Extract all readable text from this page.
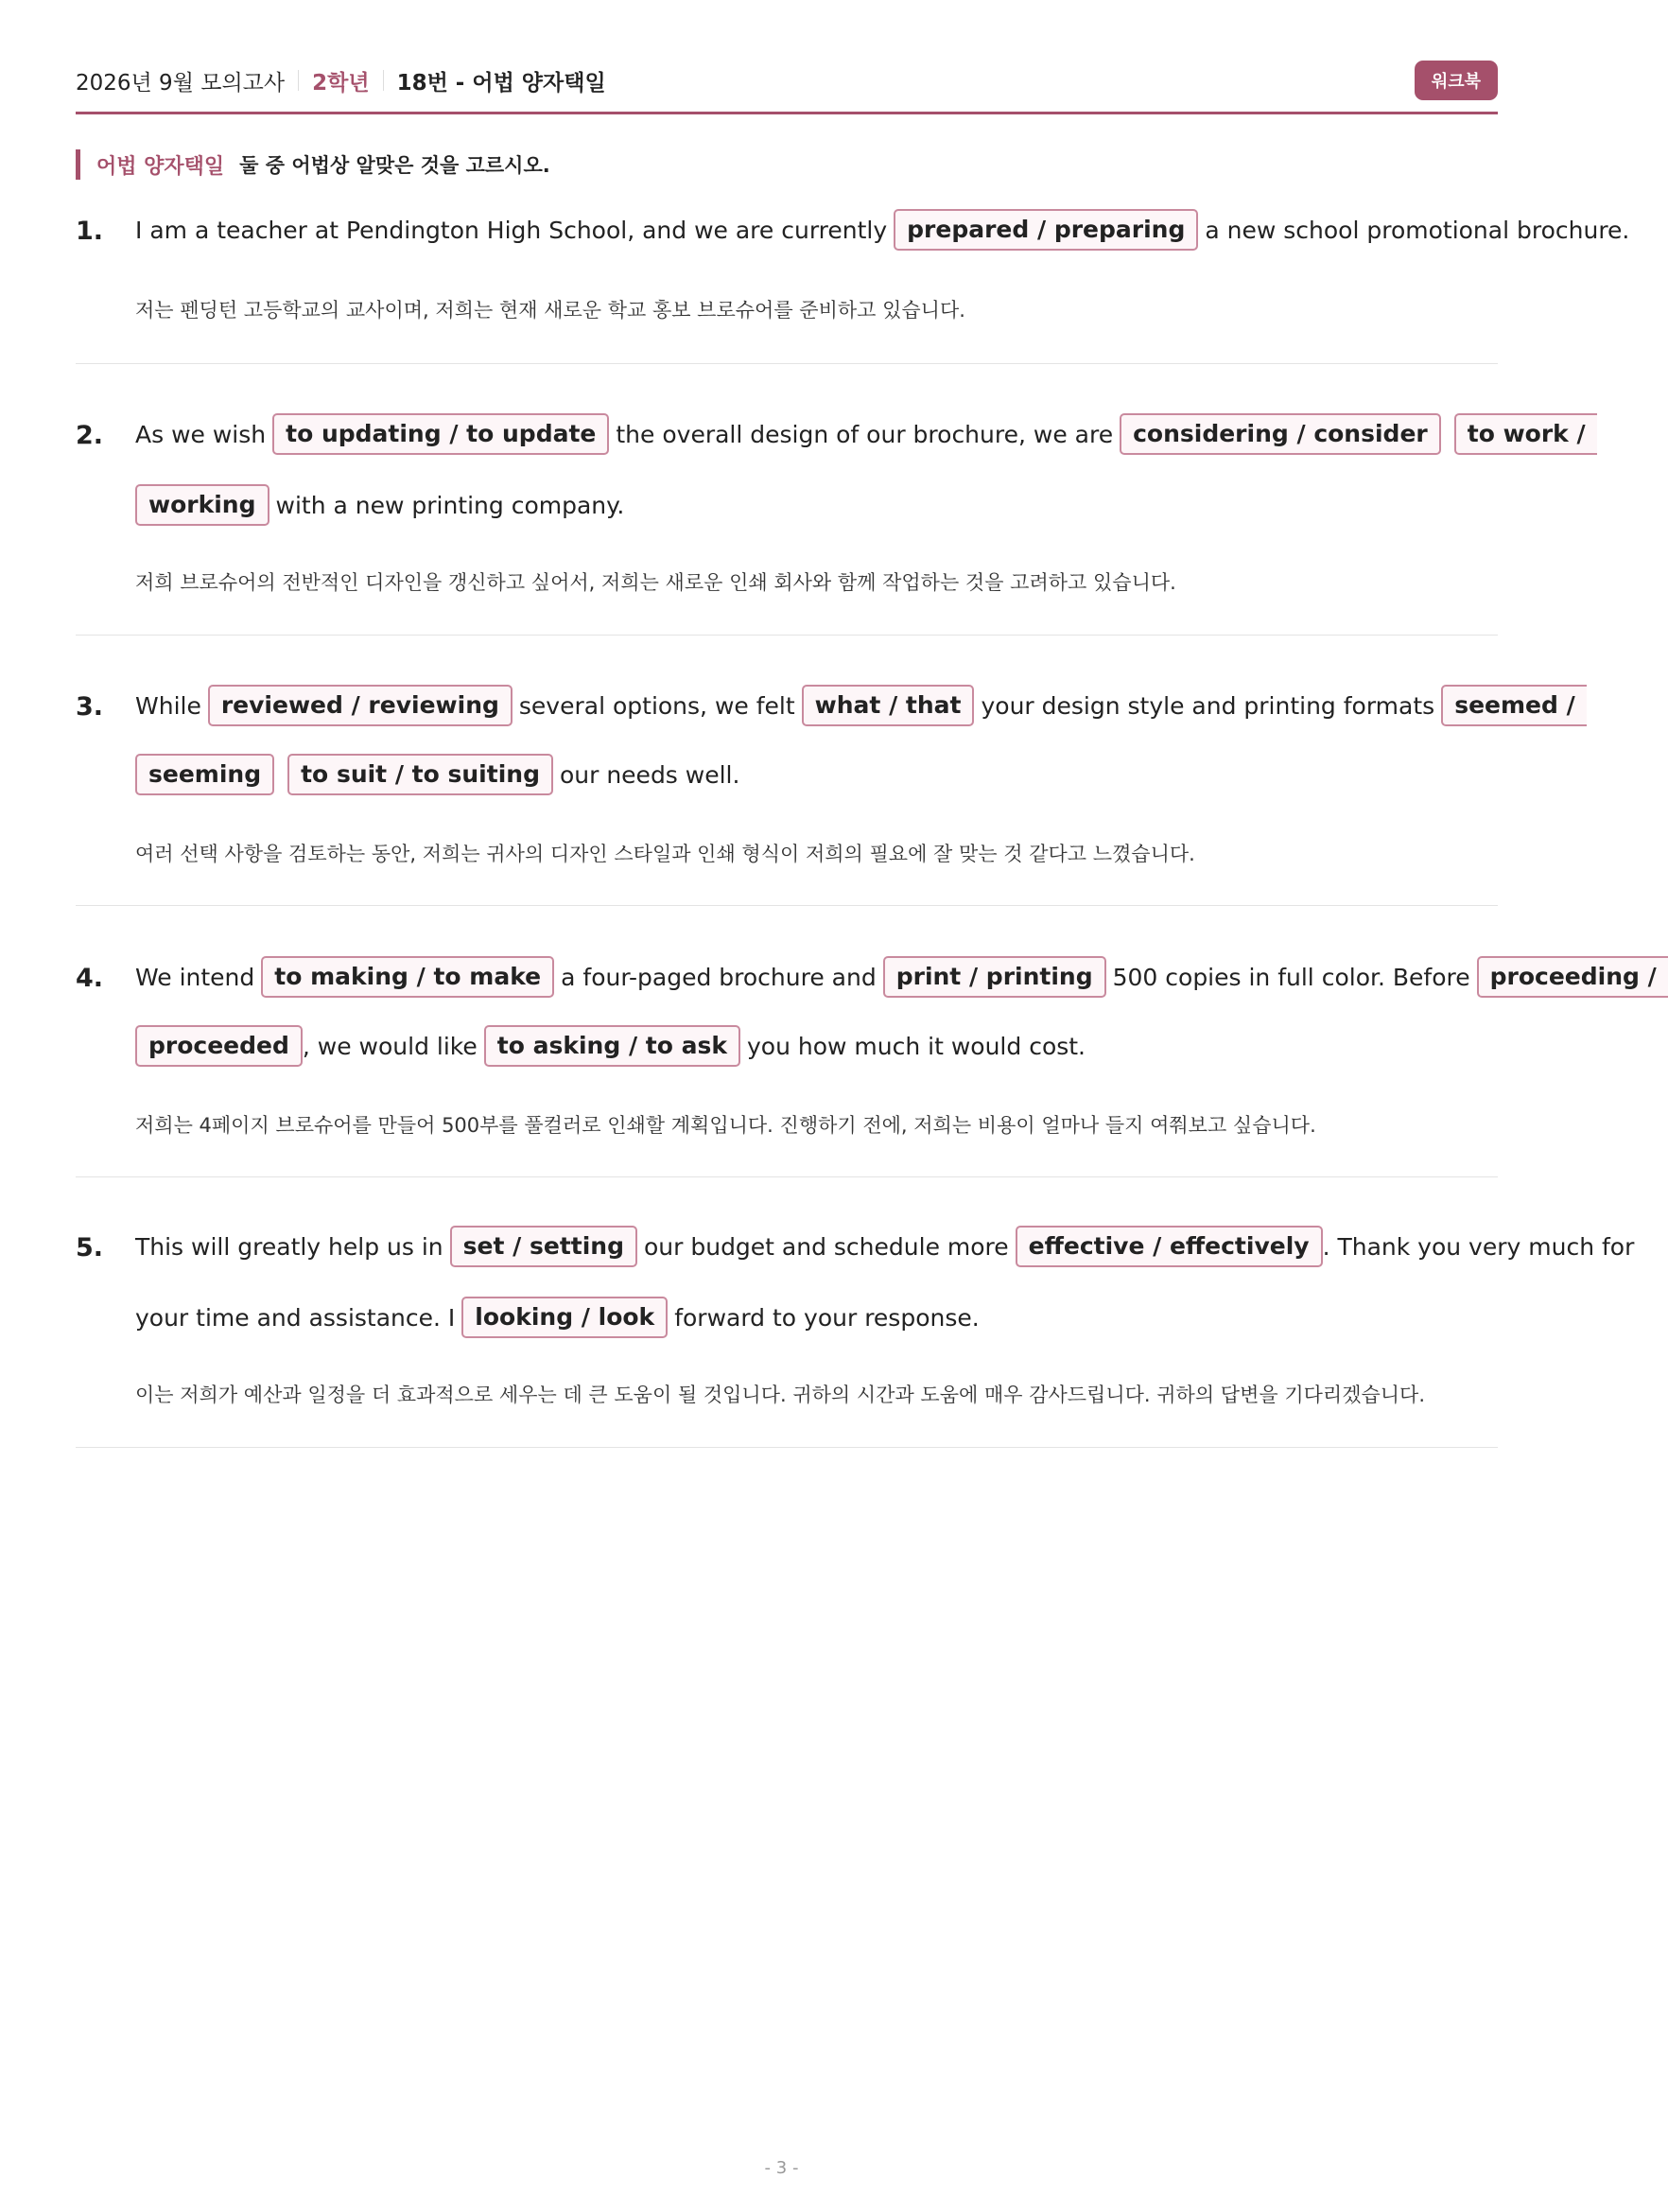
2026년 9월 모의고사 2학년 18번 - 어법 양자택일	워크북
어법 양자택일 둘 중 어법상 알맞은 것을 고르시오.
1. I am a teacher at Pendington High School, and we are currently prepared / preparing a new school promotional brochure.
저는 펜딩턴 고등학교의 교사이며, 저희는 현재 새로운 학교 홍보 브로슈어를 준비하고 있습니다.
2. As we wish to updating / to update the overall design of our brochure, we are considering / consider	to work /
working with a new printing company.
저희 브로슈어의 전반적인 디자인을 갱신하고 싶어서, 저희는 새로운 인쇄 회사와 함께 작업하는 것을 고려하고 있습니다.
3. While reviewed / reviewing several options, we felt what / that your design style and printing formats seemed /
seeming	to suit / to suiting our needs well.
여러 선택 사항을 검토하는 동안, 저희는 귀사의 디자인 스타일과 인쇄 형식이 저희의 필요에 잘 맞는 것 같다고 느꼈습니다.
4. We intend to making / to make a four-paged brochure and print / printing 500 copies in full color. Before proceeding /
proceeded , we would like to asking / to ask you how much it would cost.
저희는 4페이지 브로슈어를 만들어 500부를 풀컬러로 인쇄할 계획입니다. 진행하기 전에, 저희는 비용이 얼마나 들지 여쭤보고 싶습니다.
5. This will greatly help us in set / setting our budget and schedule more effective / effectively . Thank you very much for
your time and assistance. I looking / look forward to your response.
이는 저희가 예산과 일정을 더 효과적으로 세우는 데 큰 도움이 될 것입니다. 귀하의 시간과 도움에 매우 감사드립니다. 귀하의 답변을 기다리겠습니다.
- 3 -
